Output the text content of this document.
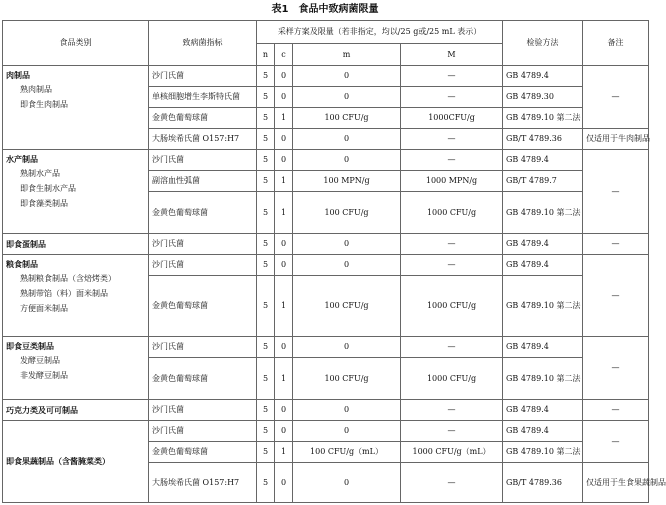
表1　食品中致病菌限量
食品类别	致病菌指标	采样方案及限量（若非指定，均以/25 g或/25 mL 表示）				检验方法	备注
		n	c	m	M		

肉制品
熟肉制品
即食生肉制品	沙门氏菌	5	0	0	—	GB 4789.4	—
	单核细胞增生李斯特氏菌	5	0	0	—	GB 4789.30	
	金黄色葡萄球菌	5	1	100 CFU/g	1000CFU/g	GB 4789.10 第二法	
	大肠埃希氏菌 O157:H7	5	0	0	—	GB/T 4789.36	仅适用于牛肉制品

水产制品
熟制水产品
即食生制水产品
即食藻类制品	沙门氏菌	5	0	0	—	GB 4789.4	—
	副溶血性弧菌	5	1	100 MPN/g	1000 MPN/g	GB/T 4789.7	
	金黄色葡萄球菌	5	1	100 CFU/g	1000 CFU/g	GB 4789.10 第二法	
即食蛋制品	沙门氏菌	5	0	0	—	GB 4789.4	—

粮食制品
熟制粮食制品（含焙烤类）
熟制带馅（料）面米制品
方便面米制品	沙门氏菌	5	0	0	—	GB 4789.4	—
	金黄色葡萄球菌	5	1	100 CFU/g	1000 CFU/g	GB 4789.10 第二法	

即食豆类制品
发酵豆制品
非发酵豆制品	沙门氏菌	5	0	0	—	GB 4789.4	—
	金黄色葡萄球菌	5	1	100 CFU/g	1000 CFU/g	GB 4789.10 第二法	
巧克力类及可可制品	沙门氏菌	5	0	0	—	GB 4789.4	—
即食果蔬制品（含酱腌菜类）	沙门氏菌	5	0	0	—	GB 4789.4	—
	金黄色葡萄球菌	5	1	100 CFU/g（mL）	1000 CFU/g（mL）	GB 4789.10 第二法	
	大肠埃希氏菌 O157:H7	5	0	0	—	GB/T 4789.36	仅适用于生食果蔬制品
